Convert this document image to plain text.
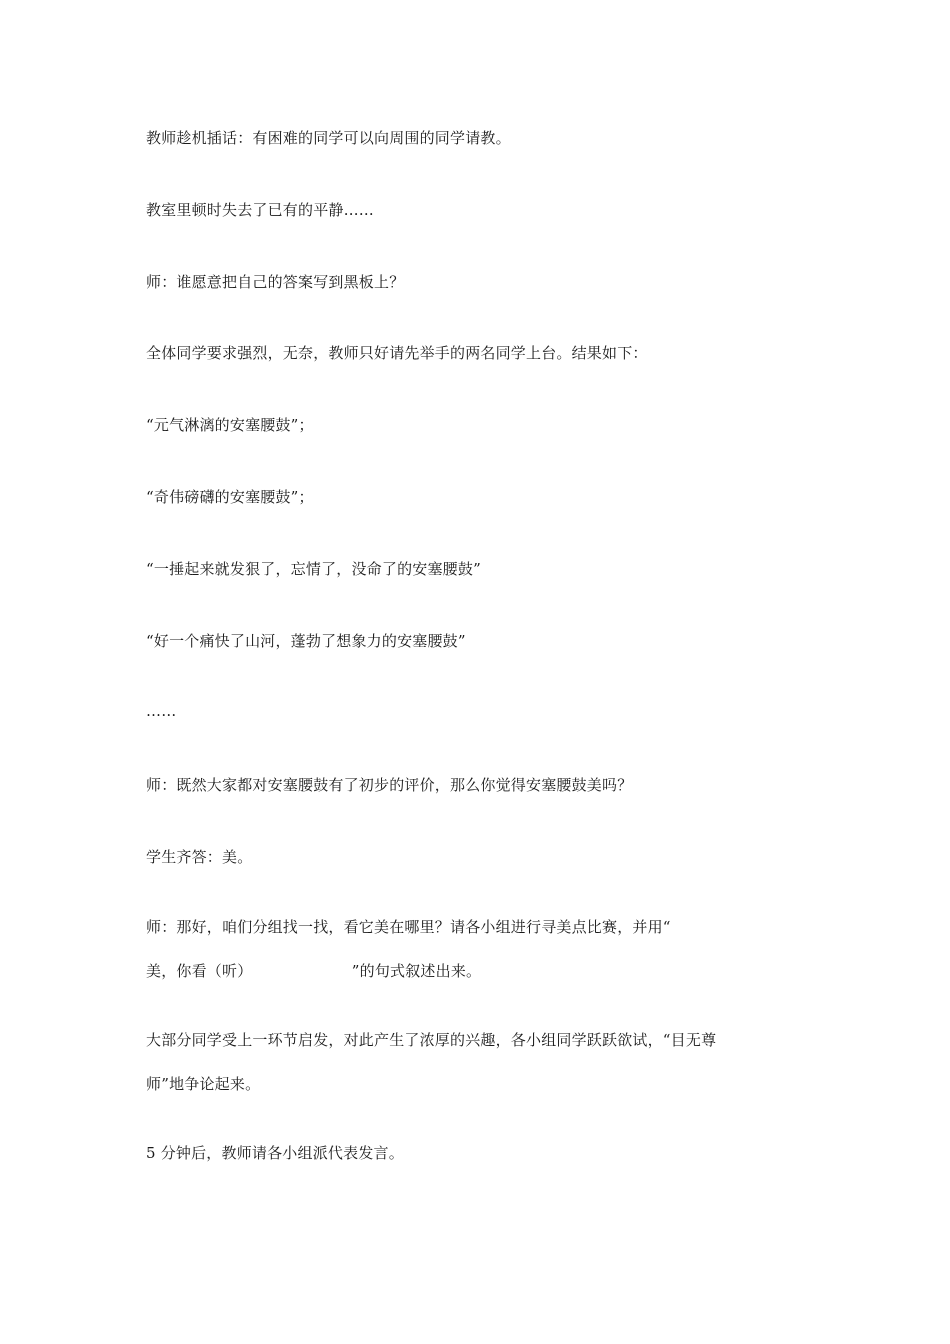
教师趁机插话：有困难的同学可以向周围的同学请教。
教室里顿时失去了已有的平静……
师：谁愿意把自己的答案写到黑板上？
全体同学要求强烈，无奈，教师只好请先举手的两名同学上台。结果如下：
“元气淋漓的安塞腰鼓”；
“奇伟磅礴的安塞腰鼓”；
“一捶起来就发狠了，忘情了，没命了的安塞腰鼓”
“好一个痛快了山河，蓬勃了想象力的安塞腰鼓”
……
师：既然大家都对安塞腰鼓有了初步的评价，那么你觉得安塞腰鼓美吗？
学生齐答：美。
师：那好，咱们分组找一找，看它美在哪里？请各小组进行寻美点比赛，并用“
美，你看（听）                    ”的句式叙述出来。
大部分同学受上一环节启发，对此产生了浓厚的兴趣，各小组同学跃跃欲试，“目无尊
师”地争论起来。
5 分钟后，教师请各小组派代表发言。
